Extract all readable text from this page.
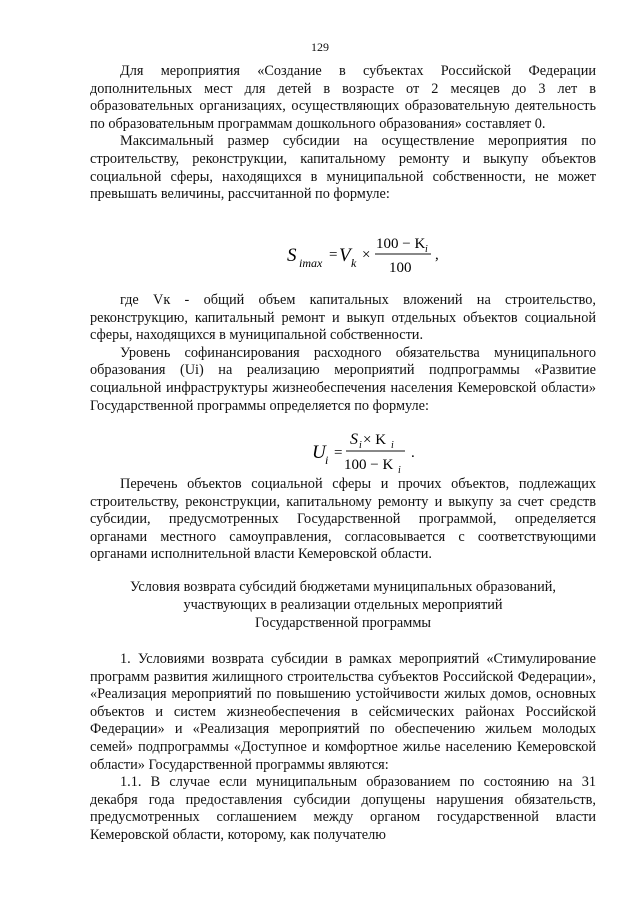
129

Для мероприятия «Создание в субъектах Российской Федерации дополнительных мест для детей в возрасте от 2 месяцев до 3 лет в образовательных организациях, осуществляющих образовательную деятельность по образовательным программам дошкольного образования» составляет 0.

Максимальный размер субсидии на осуществление мероприятия по строительству, реконструкции, капитальному ремонту и выкупу объектов социальной сферы, находящихся в муниципальной собственности, не может превышать величины, рассчитанной по формуле:

S imax = V k ×
100 − K i
100
,

где Vк - общий объем капитальных вложений на строительство, реконструкцию, капитальный ремонт и выкуп отдельных объектов социальной сферы, находящихся в муниципальной собственности.

Уровень софинансирования расходного обязательства муниципального образования (Ui) на реализацию мероприятий подпрограммы «Развитие социальной инфраструктуры жизнеобеспечения населения Кемеровской области» Государственной программы определяется по формуле:

U i =
S i × K i
100 − K i
.

Перечень объектов социальной сферы и прочих объектов, подлежащих строительству, реконструкции, капитальному ремонту и выкупу за счет средств субсидии, предусмотренных Государственной программой, определяется органами местного самоуправления, согласовывается с соответствующими органами исполнительной власти Кемеровской области.

Условия возврата субсидий бюджетами муниципальных образований,
участвующих в реализации отдельных мероприятий
Государственной программы

1. Условиями возврата субсидии в рамках мероприятий «Стимулирование программ развития жилищного строительства субъектов Российской Федерации», «Реализация мероприятий по повышению устойчивости жилых домов, основных объектов и систем жизнеобеспечения в сейсмических районах Российской Федерации» и «Реализация мероприятий по обеспечению жильем молодых семей» подпрограммы «Доступное и комфортное жилье населению Кемеровской области» Государственной программы являются:

1.1. В случае если муниципальным образованием по состоянию на 31 декабря года предоставления субсидии допущены нарушения обязательств, предусмотренных соглашением между органом государственной власти Кемеровской области, которому, как получателю
